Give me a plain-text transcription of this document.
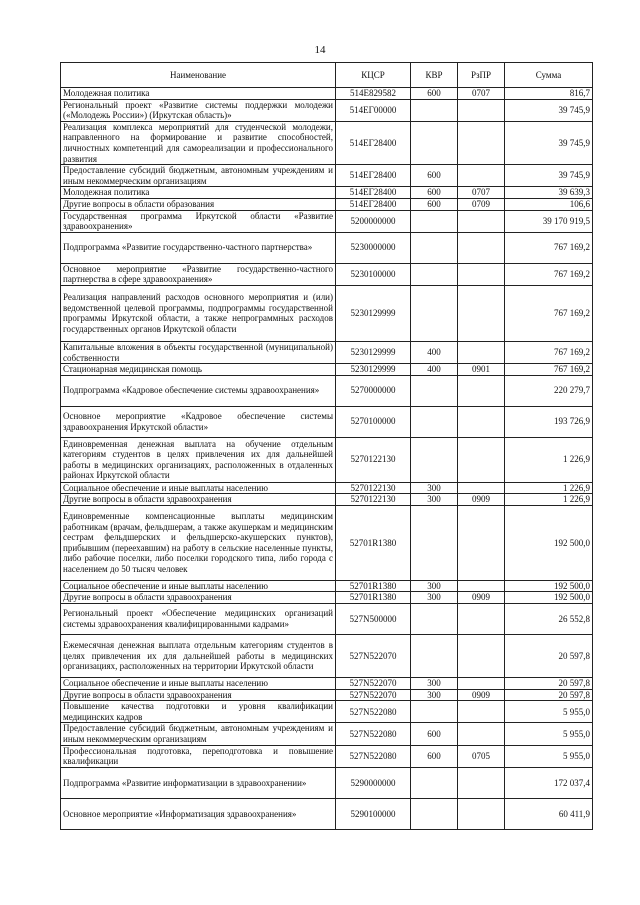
14
Наименование	КЦСР	КВР	РзПР	Сумма
Молодежная политика	514E829582	600	0707	816,7
Региональный проект «Развитие системы поддержки молодежи («Молодежь России») (Иркутская область)»	514ЕГ00000			39 745,9
Реализация комплекса мероприятий для студенческой молодежи, направленного на формирование и развитие способностей, личностных компетенций для самореализации и профессионального развития	514ЕГ28400			39 745,9
Предоставление субсидий бюджетным, автономным учреждениям и иным некоммерческим организациям	514ЕГ28400	600		39 745,9
Молодежная политика	514ЕГ28400	600	0707	39 639,3
Другие вопросы в области образования	514ЕГ28400	600	0709	106,6
Государственная программа Иркутской области «Развитие здравоохранения»	5200000000			39 170 919,5
Подпрограмма «Развитие государственно-частного партнерства»	5230000000			767 169,2
Основное мероприятие «Развитие государственно-частного партнерства в сфере здравоохранения»	5230100000			767 169,2
Реализация направлений расходов основного мероприятия и (или) ведомственной целевой программы, подпрограммы государственной программы Иркутской области, а также непрограммных расходов государственных органов Иркутской области	5230129999			767 169,2
Капитальные вложения в объекты государственной (муниципальной) собственности	5230129999	400		767 169,2
Стационарная медицинская помощь	5230129999	400	0901	767 169,2
Подпрограмма «Кадровое обеспечение системы здравоохранения»	5270000000			220 279,7
Основное мероприятие «Кадровое обеспечение системы здравоохранения Иркутской области»	5270100000			193 726,9
Единовременная денежная выплата на обучение отдельным категориям студентов в целях привлечения их для дальнейшей работы в медицинских организациях, расположенных в отдаленных районах Иркутской области	5270122130			1 226,9
Социальное обеспечение и иные выплаты населению	5270122130	300		1 226,9
Другие вопросы в области здравоохранения	5270122130	300	0909	1 226,9
Единовременные компенсационные выплаты медицинским работникам (врачам, фельдшерам, а также акушеркам и медицинским сестрам фельдшерских и фельдшерско-акушерских пунктов), прибывшим (переехавшим) на работу в сельские населенные пункты, либо рабочие поселки, либо поселки городского типа, либо города с населением до 50 тысяч человек	52701R1380			192 500,0
Социальное обеспечение и иные выплаты населению	52701R1380	300		192 500,0
Другие вопросы в области здравоохранения	52701R1380	300	0909	192 500,0
Региональный проект «Обеспечение медицинских организаций системы здравоохранения квалифицированными кадрами»	527N500000			26 552,8
Ежемесячная денежная выплата отдельным категориям студентов в целях привлечения их для дальнейшей работы в медицинских организациях, расположенных на территории Иркутской области	527N522070			20 597,8
Социальное обеспечение и иные выплаты населению	527N522070	300		20 597,8
Другие вопросы в области здравоохранения	527N522070	300	0909	20 597,8
Повышение качества подготовки и уровня квалификации медицинских кадров	527N522080			5 955,0
Предоставление субсидий бюджетным, автономным учреждениям и иным некоммерческим организациям	527N522080	600		5 955,0
Профессиональная подготовка, переподготовка и повышение квалификации	527N522080	600	0705	5 955,0
Подпрограмма «Развитие информатизации в здравоохранении»	5290000000			172 037,4
Основное мероприятие «Информатизация здравоохранения»	5290100000			60 411,9
